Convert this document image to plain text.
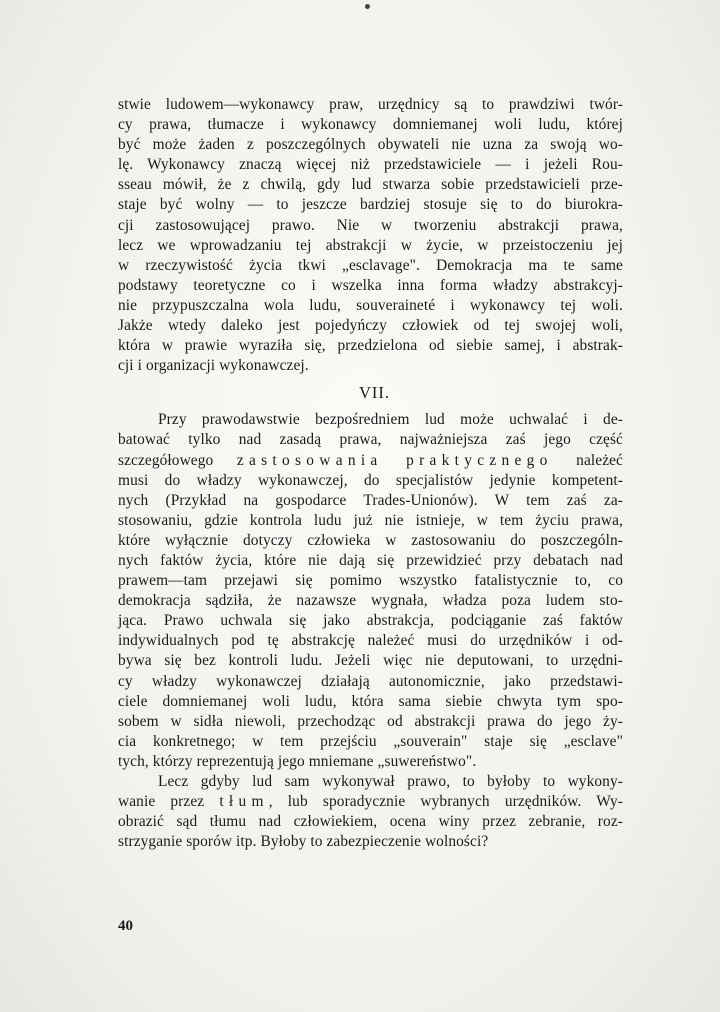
stwie ludowem—wykonawcy praw, urzędnicy są to prawdziwi twór-
cy prawa, tłumacze i wykonawcy domniemanej woli ludu, której
być może żaden z poszczególnych obywateli nie uzna za swoją wo-
lę. Wykonawcy znaczą więcej niż przedstawiciele — i jeżeli Rou-
sseau mówił, że z chwilą, gdy lud stwarza sobie przedstawicieli prze-
staje być wolny — to jeszcze bardziej stosuje się to do biurokra-
cji zastosowującej prawo. Nie w tworzeniu abstrakcji prawa,
lecz we wprowadzaniu tej abstrakcji w życie, w przeistoczeniu jej
w rzeczywistość życia tkwi „esclavage". Demokracja ma te same
podstawy teoretyczne co i wszelka inna forma władzy abstrakcyj-
nie przypuszczalna wola ludu, souveraineté i wykonawcy tej woli.
Jakże wtedy daleko jest pojedyńczy człowiek od tej swojej woli,
która w prawie wyraziła się, przedzielona od siebie samej, i abstrak-
cji i organizacji wykonawczej.
VII.
Przy prawodawstwie bezpośredniem lud może uchwalać i de-
batować tylko nad zasadą prawa, najważniejsza zaś jego część
szczegółowego zastosowania praktycznego należeć
musi do władzy wykonawczej, do specjalistów jedynie kompetent-
nych (Przykład na gospodarce Trades-Unionów). W tem zaś za-
stosowaniu, gdzie kontrola ludu już nie istnieje, w tem życiu prawa,
które wyłącznie dotyczy człowieka w zastosowaniu do poszczególn-
nych faktów życia, które nie dają się przewidzieć przy debatach nad
prawem—tam przejawi się pomimo wszystko fatalistycznie to, co
demokracja sądziła, że nazawsze wygnała, władza poza ludem sto-
jąca. Prawo uchwala się jako abstrakcja, podciąganie zaś faktów
indywidualnych pod tę abstrakcję należeć musi do urzędników i od-
bywa się bez kontroli ludu. Jeżeli więc nie deputowani, to urzędni-
cy władzy wykonawczej działają autonomicznie, jako przedstawi-
ciele domniemanej woli ludu, która sama siebie chwyta tym spo-
sobem w sidła niewoli, przechodząc od abstrakcji prawa do jego ży-
cia konkretnego; w tem przejściu „souverain" staje się „esclave"
tych, którzy reprezentują jego mniemane „suwereństwo".
Lecz gdyby lud sam wykonywał prawo, to byłoby to wykony-
wanie przez tłum, lub sporadycznie wybranych urzędników. Wy-
obrazić sąd tłumu nad człowiekiem, ocena winy przez zebranie, roz-
strzyganie sporów itp. Byłoby to zabezpieczenie wolności?
40
